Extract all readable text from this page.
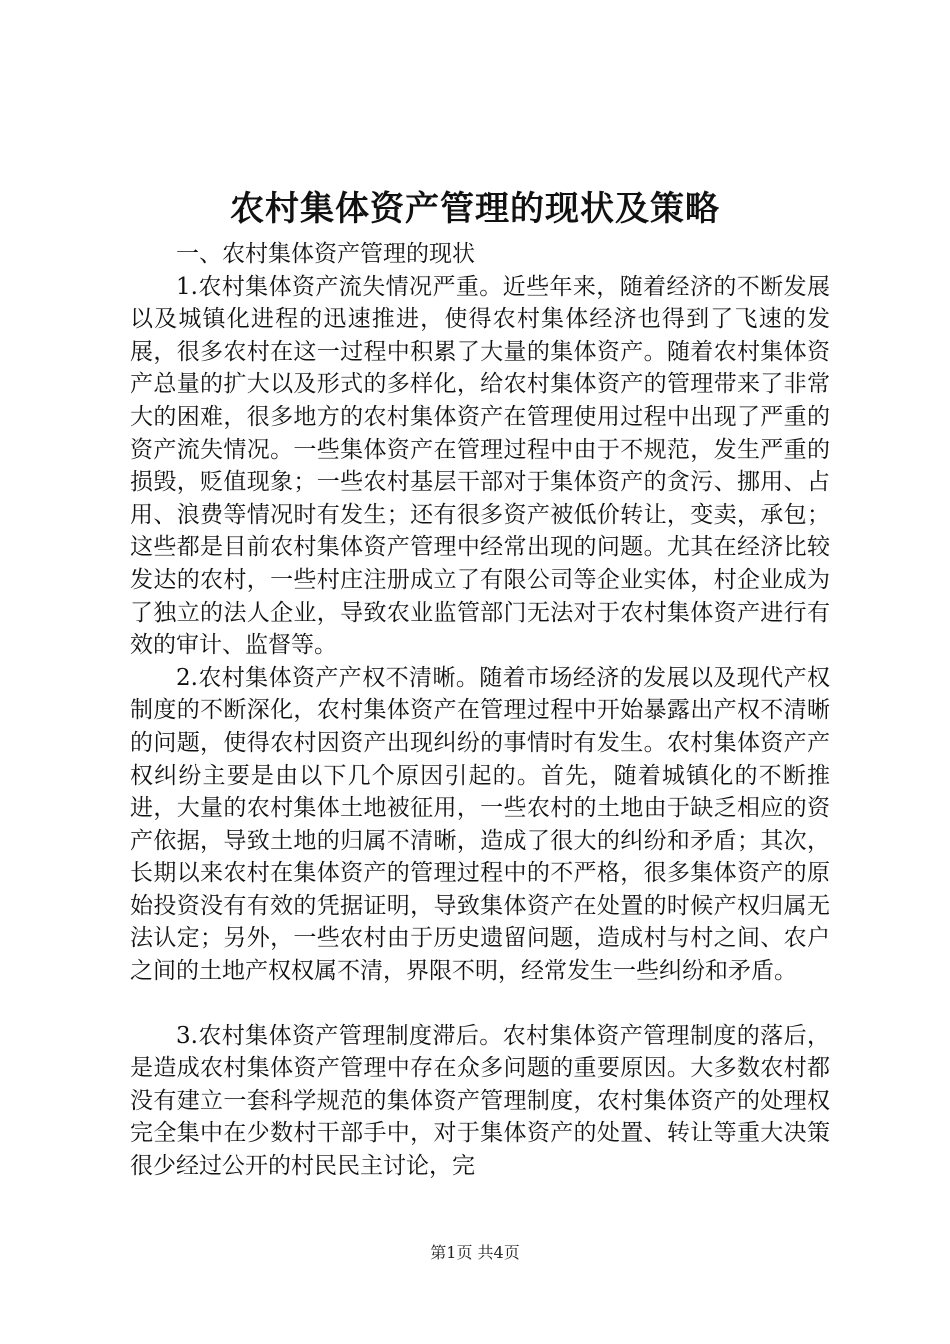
农村集体资产管理的现状及策略

一、农村集体资产管理的现状

1.农村集体资产流失情况严重。近些年来，随着经济的不断发展以及城镇化进程的迅速推进，使得农村集体经济也得到了飞速的发展，很多农村在这一过程中积累了大量的集体资产。随着农村集体资产总量的扩大以及形式的多样化，给农村集体资产的管理带来了非常大的困难，很多地方的农村集体资产在管理使用过程中出现了严重的资产流失情况。一些集体资产在管理过程中由于不规范，发生严重的损毁，贬值现象；一些农村基层干部对于集体资产的贪污、挪用、占用、浪费等情况时有发生；还有很多资产被低价转让，变卖，承包；这些都是目前农村集体资产管理中经常出现的问题。尤其在经济比较发达的农村，一些村庄注册成立了有限公司等企业实体，村企业成为了独立的法人企业，导致农业监管部门无法对于农村集体资产进行有效的审计、监督等。

2.农村集体资产产权不清晰。随着市场经济的发展以及现代产权制度的不断深化，农村集体资产在管理过程中开始暴露出产权不清晰的问题，使得农村因资产出现纠纷的事情时有发生。农村集体资产产权纠纷主要是由以下几个原因引起的。首先，随着城镇化的不断推进，大量的农村集体土地被征用，一些农村的土地由于缺乏相应的资产依据，导致土地的归属不清晰，造成了很大的纠纷和矛盾；其次，长期以来农村在集体资产的管理过程中的不严格，很多集体资产的原始投资没有有效的凭据证明，导致集体资产在处置的时候产权归属无法认定；另外，一些农村由于历史遗留问题，造成村与村之间、农户之间的土地产权权属不清，界限不明，经常发生一些纠纷和矛盾。

3.农村集体资产管理制度滞后。农村集体资产管理制度的落后，是造成农村集体资产管理中存在众多问题的重要原因。大多数农村都没有建立一套科学规范的集体资产管理制度，农村集体资产的处理权完全集中在少数村干部手中，对于集体资产的处置、转让等重大决策很少经过公开的村民民主讨论，完

第1页 共4页
